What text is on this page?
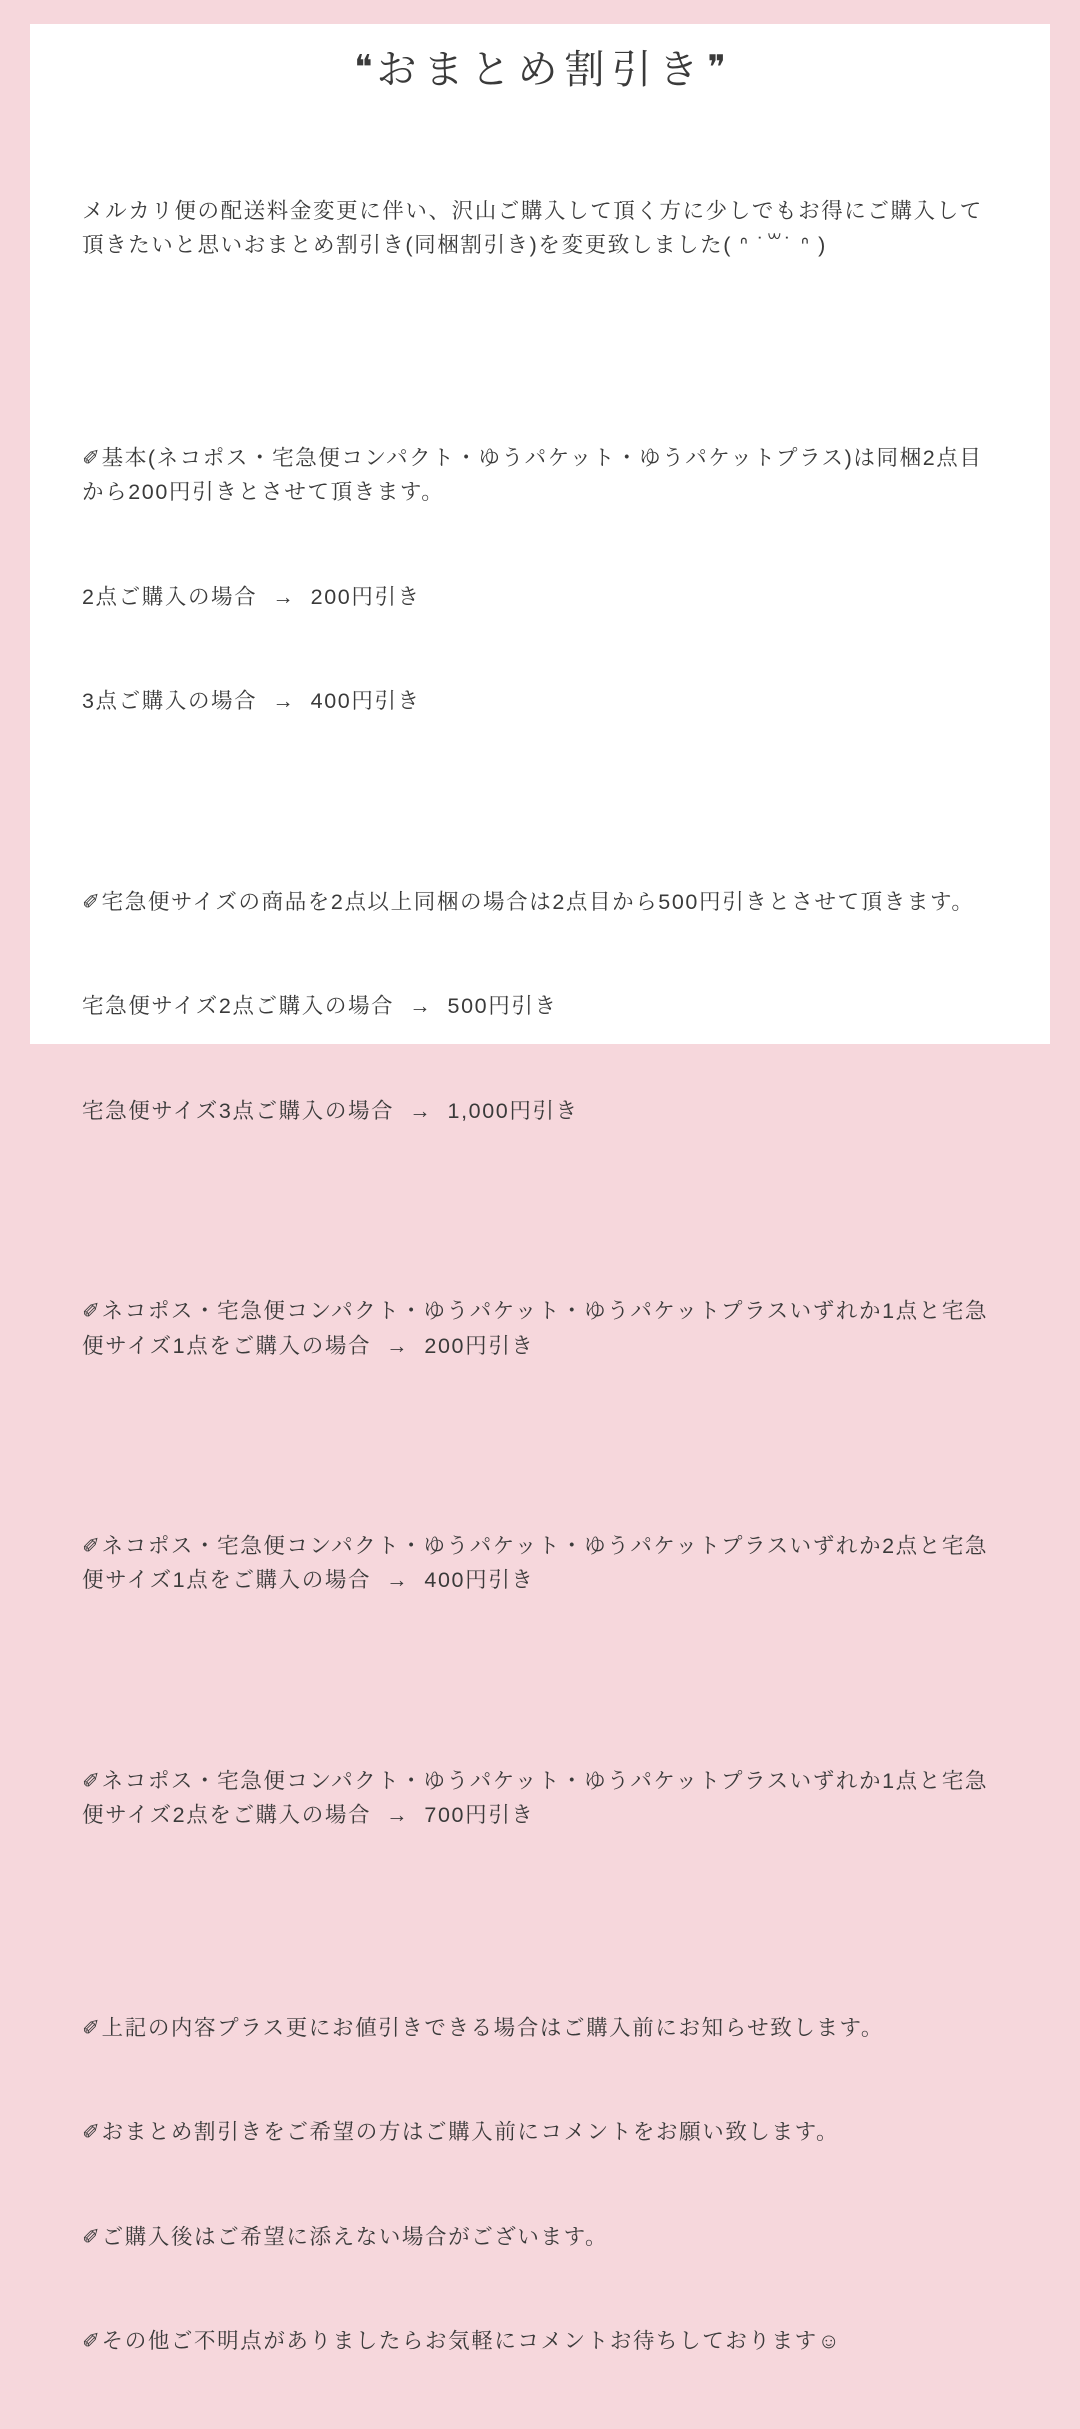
❝ おまとめ割引き❞

メルカリ便の配送料金変更に伴い、沢山ご購入して頂く方に少しでもお得にご購入して頂きたいと思いおまとめ割引き(同梱割引き)を変更致しました( ᐢ ˙꒳˙ ᐢ )

✐基本(ネコポス・宅急便コンパクト・ゆうパケット・ゆうパケットプラス)は同梱2点目から200円引きとさせて頂きます。

2点ご購入の場合  →  200円引き

3点ご購入の場合  →  400円引き

✐宅急便サイズの商品を2点以上同梱の場合は2点目から500円引きとさせて頂きます。

宅急便サイズ2点ご購入の場合  →  500円引き

宅急便サイズ3点ご購入の場合  →  1,000円引き

✐ネコポス・宅急便コンパクト・ゆうパケット・ゆうパケットプラスいずれか1点と宅急便サイズ1点をご購入の場合  →  200円引き

✐ネコポス・宅急便コンパクト・ゆうパケット・ゆうパケットプラスいずれか2点と宅急便サイズ1点をご購入の場合  →  400円引き

✐ネコポス・宅急便コンパクト・ゆうパケット・ゆうパケットプラスいずれか1点と宅急便サイズ2点をご購入の場合  →  700円引き

✐上記の内容プラス更にお値引きできる場合はご購入前にお知らせ致します。

✐おまとめ割引きをご希望の方はご購入前にコメントをお願い致します。

✐ご購入後はご希望に添えない場合がございます。

✐その他ご不明点がありましたらお気軽にコメントお待ちしております☺
